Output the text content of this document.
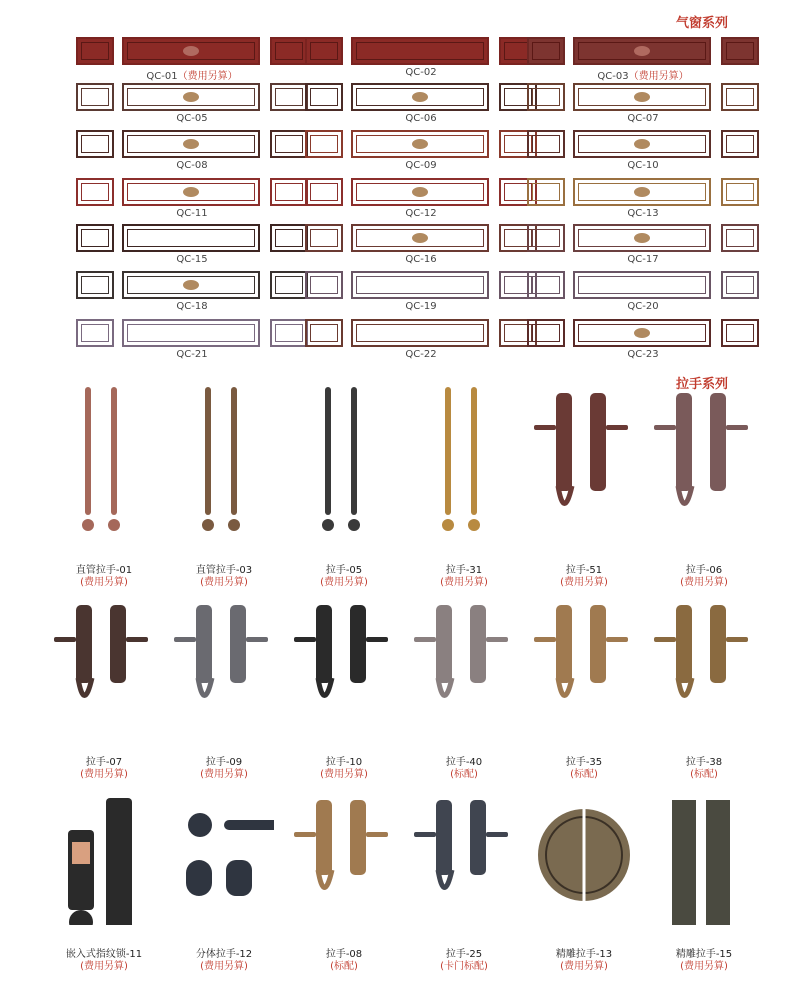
气窗系列
拉手系列
QC-01（费用另算）	QC-02	QC-03（费用另算）
QC-05	QC-06	QC-07
QC-08	QC-09	QC-10
QC-11	QC-12	QC-13
QC-15	QC-16	QC-17
QC-18	QC-19	QC-20
QC-21	QC-22	QC-23
直管拉手-01
(费用另算)
直管拉手-03
(费用另算)
拉手-05
(费用另算)
拉手-31
(费用另算)
拉手-51
(费用另算)
拉手-06
(费用另算)
拉手-07
(费用另算)
拉手-09
(费用另算)
拉手-10
(费用另算)
拉手-40
(标配)
拉手-35
(标配)
拉手-38
(标配)
嵌入式指纹锁-11
(费用另算)
分体拉手-12
(费用另算)
拉手-08
(标配)
拉手-25
(卡门标配)
精雕拉手-13
(费用另算)
精雕拉手-15
(费用另算)
